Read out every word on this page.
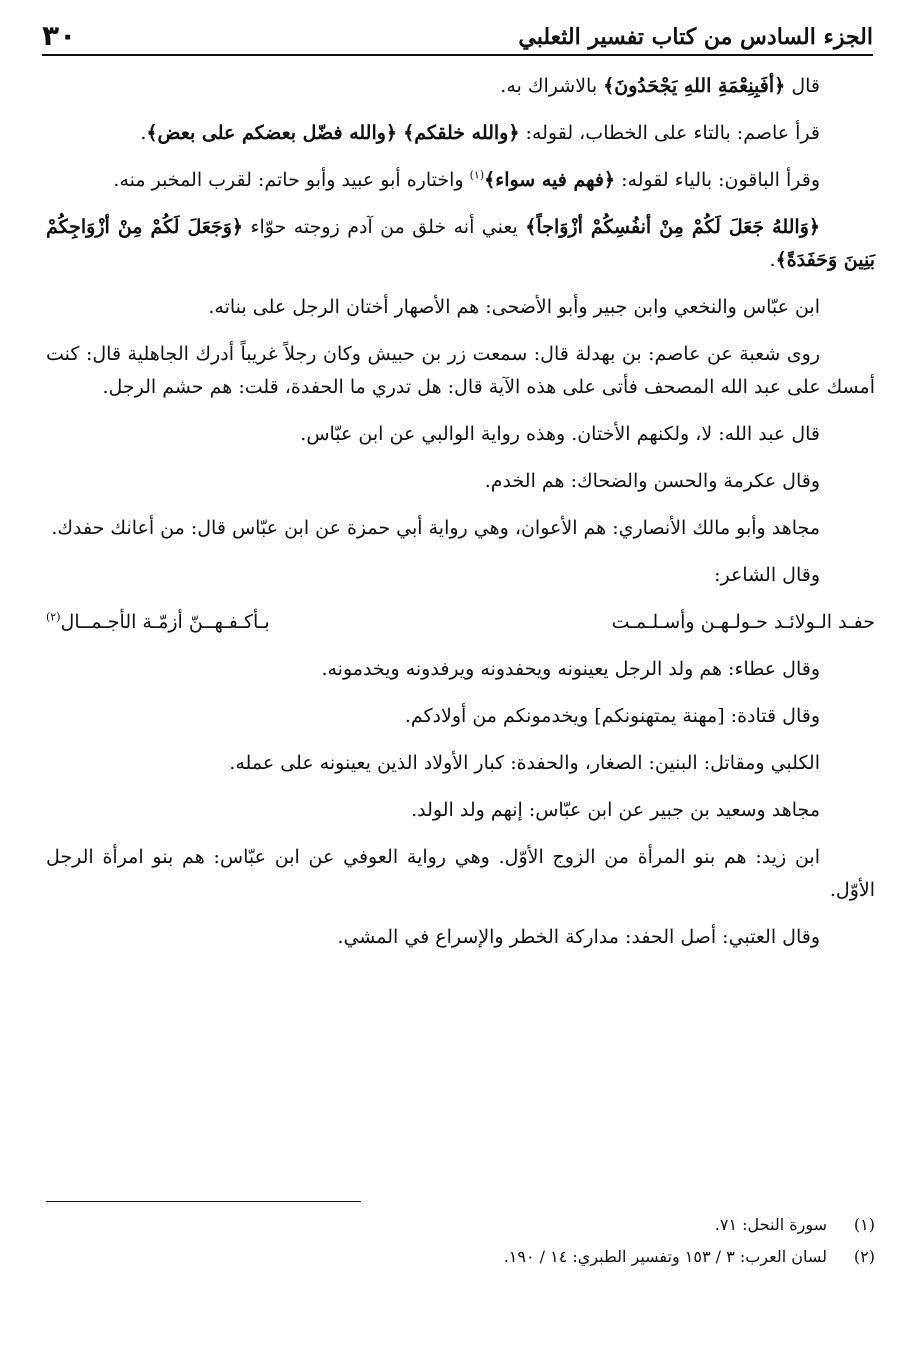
الجزء السادس من كتاب تفسير الثعلبي
٣٠

قال ﴿أفَبِنِعْمَةِ اللهِ يَجْحَدُونَ﴾ بالاشراك به.

قرأ عاصم: بالتاء على الخطاب، لقوله: ﴿والله خلقكم﴾ ﴿والله فضّل بعضكم على بعض﴾.

وقرأ الباقون: بالياء لقوله: ﴿فهم فيه سواء﴾$^{(١)}$ واختاره أبو عبيد وأبو حاتم: لقرب المخبر منه.

﴿وَاللهُ جَعَلَ لَكُمْ مِنْ أنفُسِكُمْ أزْوَاجاً﴾ يعني أنه خلق من آدم زوجته حوّاء ﴿وَجَعَلَ لَكُمْ مِنْ أزْوَاجِكُمْ بَنِينَ وَحَفَدَةً﴾.

ابن عبّاس والنخعي وابن جبير وأبو الأضحى: هم الأصهار أختان الرجل على بناته.

روى شعبة عن عاصم: بن بهدلة قال: سمعت زر بن حبيش وكان رجلاً غريباً أدرك الجاهلية قال: كنت أمسك على عبد الله المصحف فأتى على هذه الآية قال: هل تدري ما الحفدة، قلت: هم حشم الرجل.

قال عبد الله: لا، ولكنهم الأختان. وهذه رواية الوالبي عن ابن عبّاس.

وقال عكرمة والحسن والضحاك: هم الخدم.

مجاهد وأبو مالك الأنصاري: هم الأعوان، وهي رواية أبي حمزة عن ابن عبّاس قال: من أعانك حفدك.

وقال الشاعر:

حفـد الـولائـد حـولـهـن وأسـلـمـت
بـأكـفـهــنّ أزمّـة الأجـمــال$^{(٢)}$

وقال عطاء: هم ولد الرجل يعينونه ويحفدونه ويرفدونه ويخدمونه.

وقال قتادة: [مهنة يمتهنونكم] ويخدمونكم من أولادكم.

الكلبي ومقاتل: البنين: الصغار، والحفدة: كبار الأولاد الذين يعينونه على عمله.

مجاهد وسعيد بن جبير عن ابن عبّاس: إنهم ولد الولد.

ابن زيد: هم بنو المرأة من الزوج الأوّل. وهي رواية العوفي عن ابن عبّاس: هم بنو امرأة الرجل الأوّل.

وقال العتبي: أصل الحفد: مداركة الخطر والإسراع في المشي.

(١)سورة النحل: ٧١.
(٢)لسان العرب: ٣ / ١٥٣ وتفسير الطبري: ١٤ / ١٩٠.
